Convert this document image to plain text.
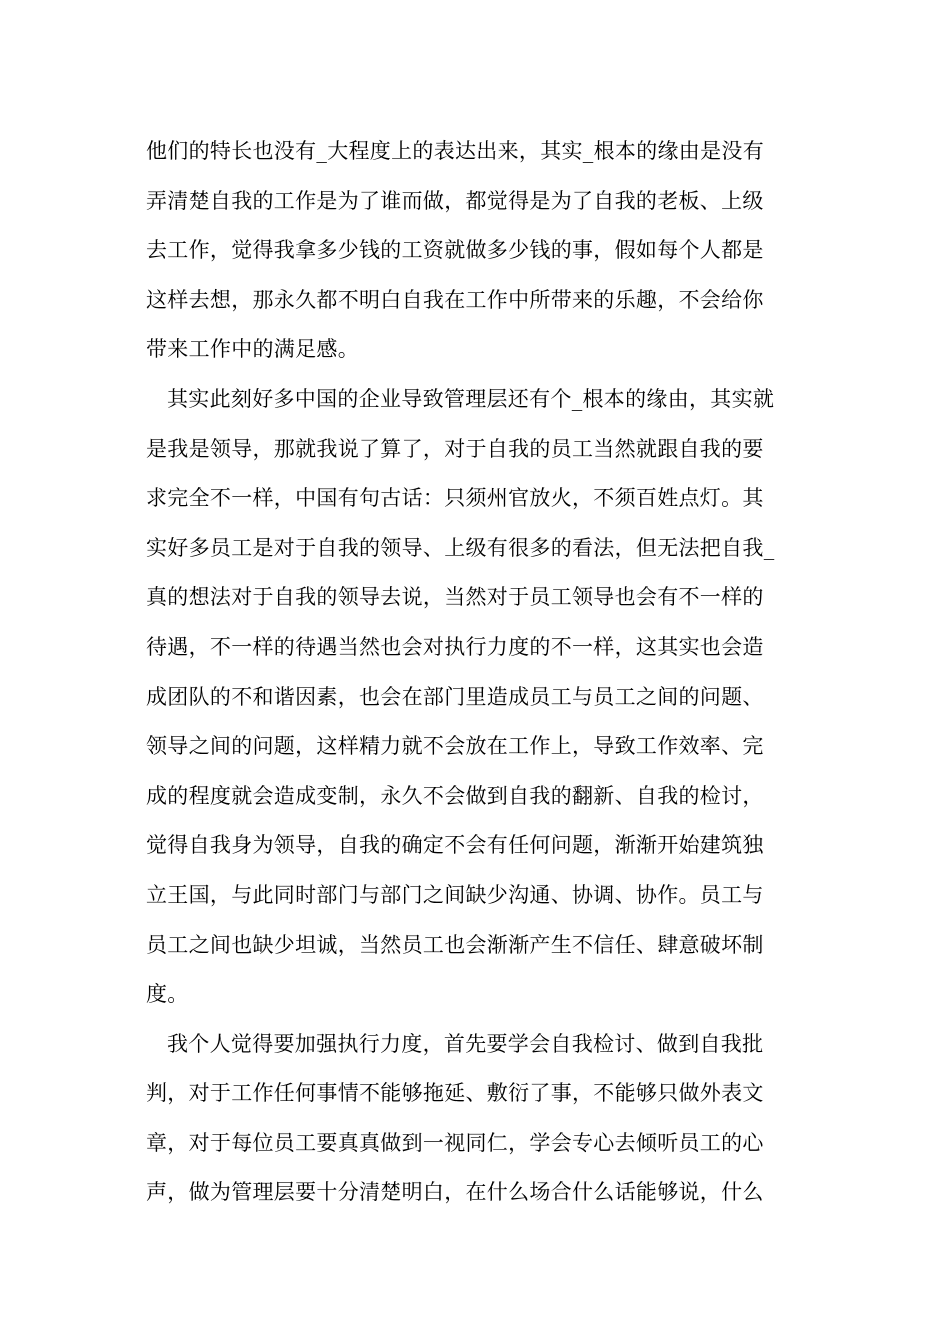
他们的特长也没有_大程度上的表达出来，其实_根本的缘由是没有
弄清楚自我的工作是为了谁而做，都觉得是为了自我的老板、上级
去工作，觉得我拿多少钱的工资就做多少钱的事，假如每个人都是
这样去想，那永久都不明白自我在工作中所带来的乐趣，不会给你
带来工作中的满足感。
其实此刻好多中国的企业导致管理层还有个_根本的缘由，其实就
是我是领导，那就我说了算了，对于自我的员工当然就跟自我的要
求完全不一样，中国有句古话：只须州官放火，不须百姓点灯。其
实好多员工是对于自我的领导、上级有很多的看法，但无法把自我_
真的想法对于自我的领导去说，当然对于员工领导也会有不一样的
待遇，不一样的待遇当然也会对执行力度的不一样，这其实也会造
成团队的不和谐因素，也会在部门里造成员工与员工之间的问题、
领导之间的问题，这样精力就不会放在工作上，导致工作效率、完
成的程度就会造成变制，永久不会做到自我的翻新、自我的检讨，
觉得自我身为领导，自我的确定不会有任何问题，渐渐开始建筑独
立王国，与此同时部门与部门之间缺少沟通、协调、协作。员工与
员工之间也缺少坦诚，当然员工也会渐渐产生不信任、肆意破坏制
度。
我个人觉得要加强执行力度，首先要学会自我检讨、做到自我批
判，对于工作任何事情不能够拖延、敷衍了事，不能够只做外表文
章，对于每位员工要真真做到一视同仁，学会专心去倾听员工的心
声，做为管理层要十分清楚明白，在什么场合什么话能够说，什么
